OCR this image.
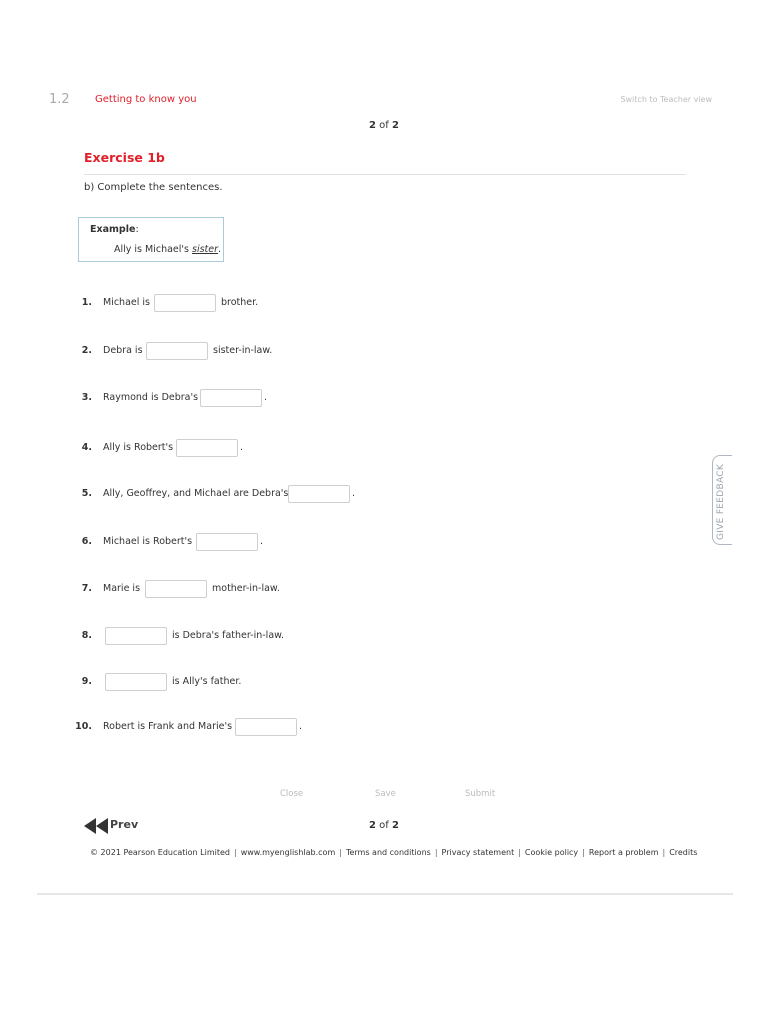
1.2	Getting to know you	Switch to Teacher view
2 of 2
Exercise 1b
b) Complete the sentences.
Example:
Ally is Michael's sister.
1. Michael is	brother.
2. Debra is	sister-in-law.
3. Raymond is Debra's	.
4. Ally is Robert's	.
5. Ally, Geoffrey, and Michael are Debra's	.
6. Michael is Robert's	.
7. Marie is	mother-in-law.
8.	is Debra's father-in-law.
9.	is Ally's father.
10. Robert is Frank and Marie's	.
GIVE FEEDBACK
Close	Save	Submit
Prev	2 of 2
© 2021 Pearson Education Limited | www.myenglishlab.com | Terms and conditions | Privacy statement | Cookie policy | Report a problem | Credits
